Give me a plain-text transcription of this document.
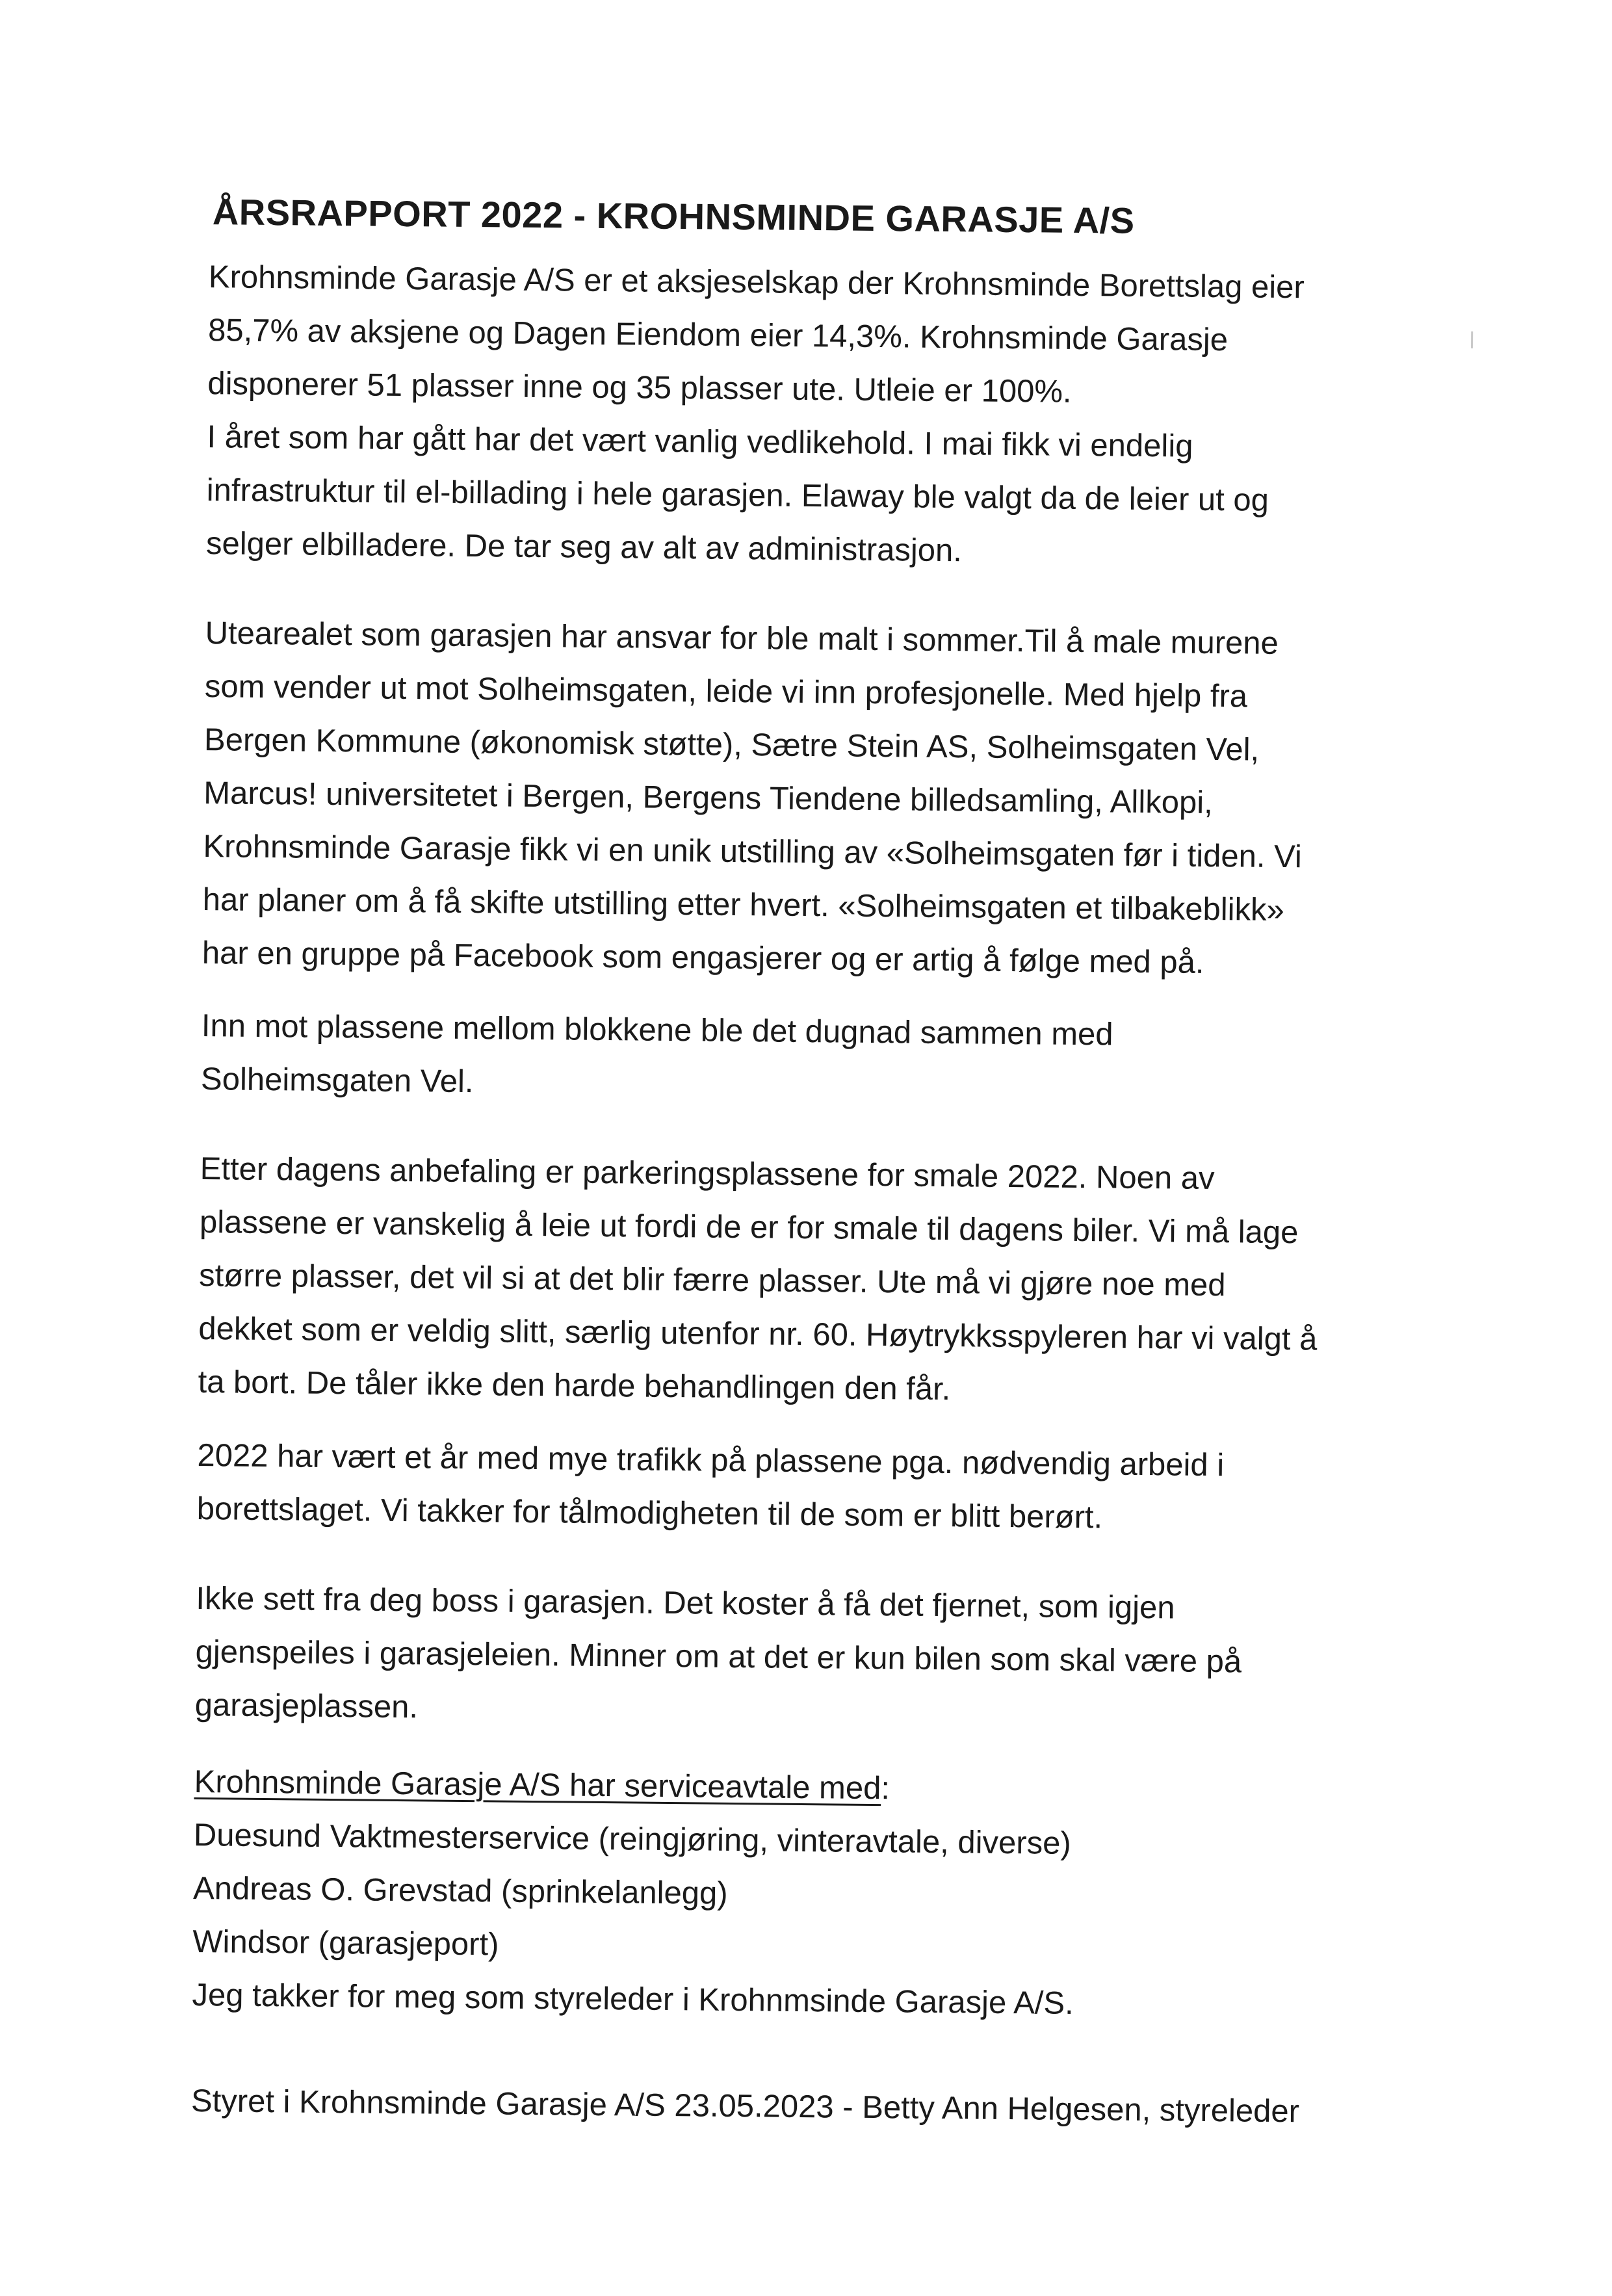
ÅRSRAPPORT 2022 - KROHNSMINDE GARASJE A/S

Krohnsminde Garasje A/S er et aksjeselskap der Krohnsminde Borettslag eier
85,7% av aksjene og Dagen Eiendom eier 14,3%. Krohnsminde Garasje
disponerer 51 plasser inne og 35 plasser ute. Utleie er 100%.
I året som har gått har det vært vanlig vedlikehold. I mai fikk vi endelig
infrastruktur til el-billading i hele garasjen. Elaway ble valgt da de leier ut og
selger elbilladere. De tar seg av alt av administrasjon.

Utearealet som garasjen har ansvar for ble malt i sommer.Til å male murene
som vender ut mot Solheimsgaten, leide vi inn profesjonelle. Med hjelp fra
Bergen Kommune (økonomisk støtte), Sætre Stein AS, Solheimsgaten Vel,
Marcus! universitetet i Bergen, Bergens Tiendene billedsamling, Allkopi,
Krohnsminde Garasje fikk vi en unik utstilling av «Solheimsgaten før i tiden. Vi
har planer om å få skifte utstilling etter hvert. «Solheimsgaten et tilbakeblikk»
har en gruppe på Facebook som engasjerer og er artig å følge med på.

Inn mot plassene mellom blokkene ble det dugnad sammen med
Solheimsgaten Vel.

Etter dagens anbefaling er parkeringsplassene for smale 2022. Noen av
plassene er vanskelig å leie ut fordi de er for smale til dagens biler. Vi må lage
større plasser, det vil si at det blir færre plasser. Ute må vi gjøre noe med
dekket som er veldig slitt, særlig utenfor nr. 60. Høytrykksspyleren har vi valgt å
ta bort. De tåler ikke den harde behandlingen den får.

2022 har vært et år med mye trafikk på plassene pga. nødvendig arbeid i
borettslaget. Vi takker for tålmodigheten til de som er blitt berørt.

Ikke sett fra deg boss i garasjen. Det koster å få det fjernet, som igjen
gjenspeiles i garasjeleien. Minner om at det er kun bilen som skal være på
garasjeplassen.

Krohnsminde Garasje A/S har serviceavtale med:
Duesund Vaktmesterservice (reingjøring, vinteravtale, diverse)
Andreas O. Grevstad (sprinkelanlegg)
Windsor (garasjeport)
Jeg takker for meg som styreleder i Krohnmsinde Garasje A/S.

Styret i Krohnsminde Garasje A/S 23.05.2023 - Betty Ann Helgesen, styreleder
